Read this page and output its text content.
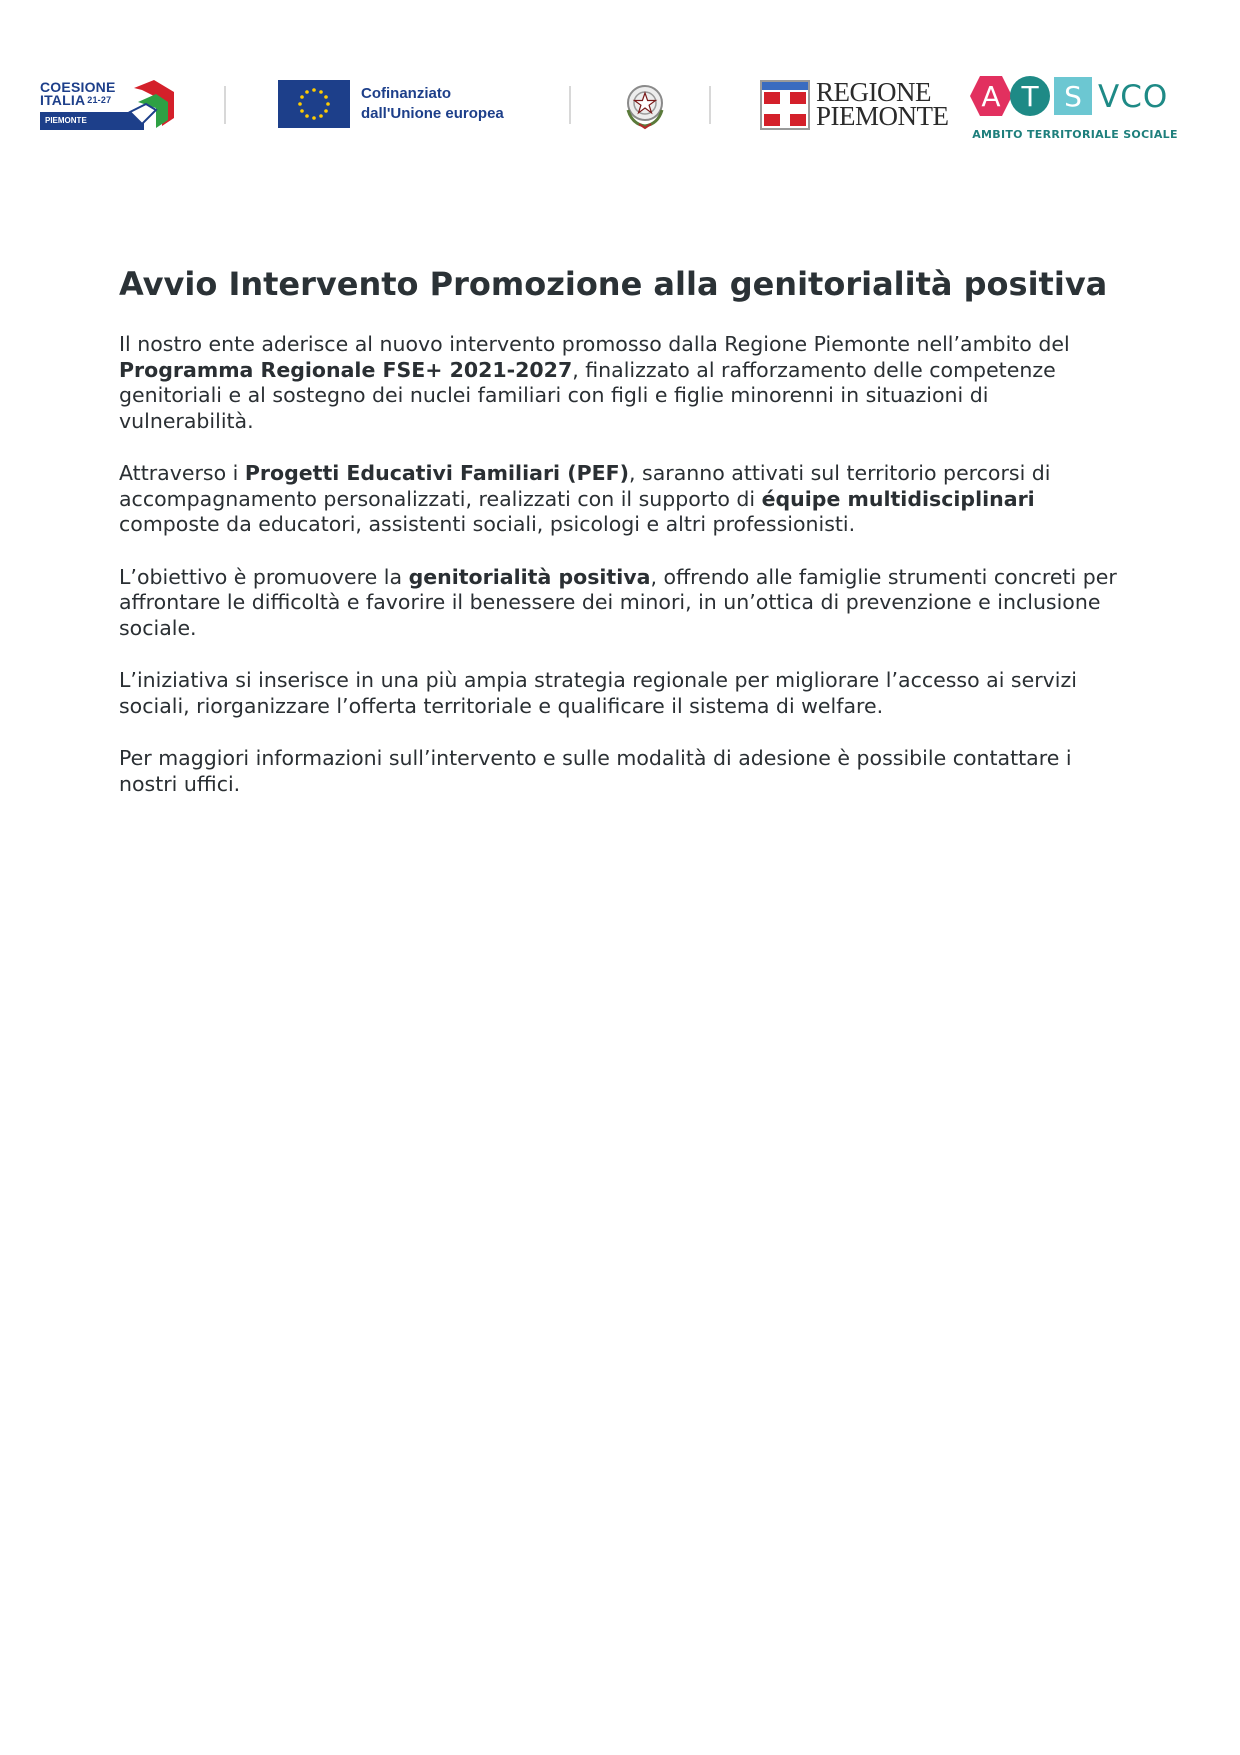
COESIONE
ITALIA $^{21-27}$
PIEMONTE
Cofinanziato
dall'Unione europea
REGIONE
PIEMONTE
A T S VCO
AMBITO TERRITORIALE SOCIALE
Avvio Intervento Promozione alla genitorialità positiva

Il nostro ente aderisce al nuovo intervento promosso dalla Regione Piemonte nell’ambito del Programma Regionale FSE+ 2021-2027, finalizzato al rafforzamento delle competenze genitoriali e al sostegno dei nuclei familiari con figli e figlie minorenni in situazioni di vulnerabilità.

Attraverso i Progetti Educativi Familiari (PEF), saranno attivati sul territorio percorsi di accompagnamento personalizzati, realizzati con il supporto di équipe multidisciplinari composte da educatori, assistenti sociali, psicologi e altri professionisti.

L’obiettivo è promuovere la genitorialità positiva, offrendo alle famiglie strumenti concreti per affrontare le difficoltà e favorire il benessere dei minori, in un’ottica di prevenzione e inclusione sociale.

L’iniziativa si inserisce in una più ampia strategia regionale per migliorare l’accesso ai servizi sociali, riorganizzare l’offerta territoriale e qualificare il sistema di welfare.

Per maggiori informazioni sull’intervento e sulle modalità di adesione è possibile contattare i nostri uffici.
